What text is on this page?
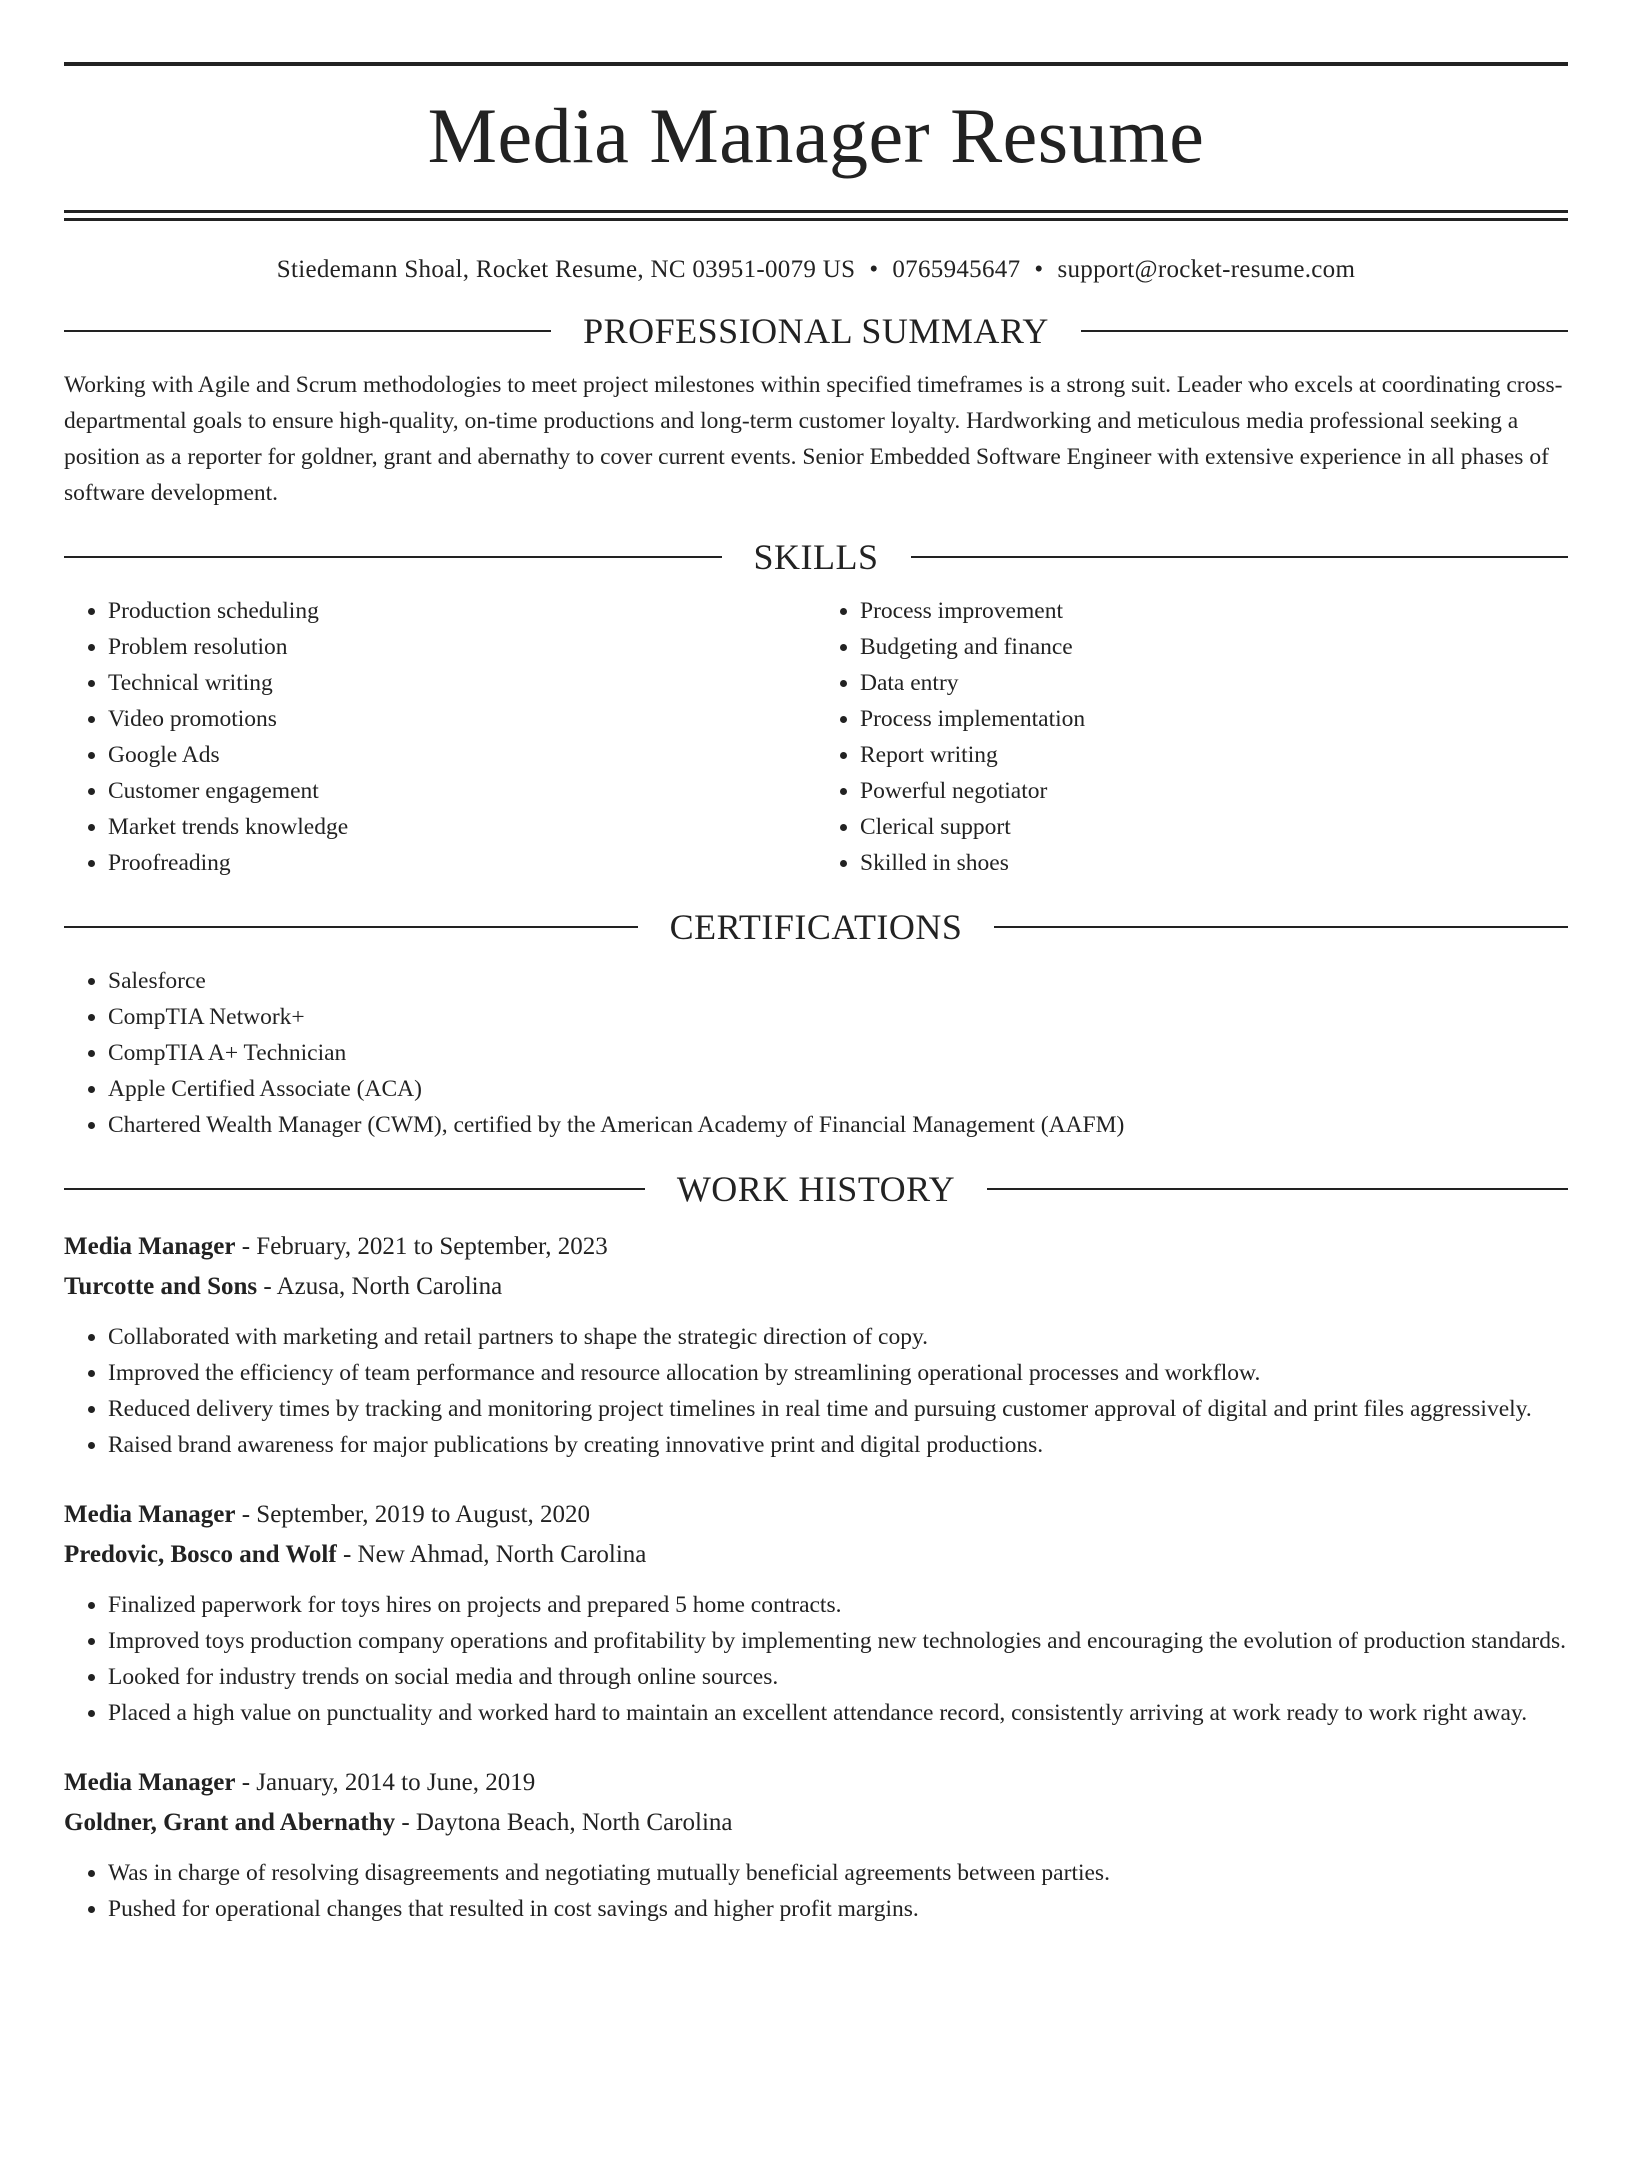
Media Manager Resume
Stiedemann Shoal, Rocket Resume, NC 03951-0079 US • 0765945647 • support@rocket-resume.com
PROFESSIONAL SUMMARY

Working with Agile and Scrum methodologies to meet project milestones within specified timeframes is a strong suit. Leader who excels at coordinating cross-departmental goals to ensure high-quality, on-time productions and long-term customer loyalty. Hardworking and meticulous media professional seeking a position as a reporter for goldner, grant and abernathy to cover current events. Senior Embedded Software Engineer with extensive experience in all phases of software development.

SKILLS
• Production scheduling
• Problem resolution
• Technical writing
• Video promotions
• Google Ads
• Customer engagement
• Market trends knowledge
• Proofreading
• Process improvement
• Budgeting and finance
• Data entry
• Process implementation
• Report writing
• Powerful negotiator
• Clerical support
• Skilled in shoes
CERTIFICATIONS
• Salesforce
• CompTIA Network+
• CompTIA A+ Technician
• Apple Certified Associate (ACA)
• Chartered Wealth Manager (CWM), certified by the American Academy of Financial Management (AAFM)
WORK HISTORY
Media Manager - February, 2021 to September, 2023
Turcotte and Sons - Azusa, North Carolina
• Collaborated with marketing and retail partners to shape the strategic direction of copy.
• Improved the efficiency of team performance and resource allocation by streamlining operational processes and workflow.
• Reduced delivery times by tracking and monitoring project timelines in real time and pursuing customer approval of digital and print files aggressively.
• Raised brand awareness for major publications by creating innovative print and digital productions.
Media Manager - September, 2019 to August, 2020
Predovic, Bosco and Wolf - New Ahmad, North Carolina
• Finalized paperwork for toys hires on projects and prepared 5 home contracts.
• Improved toys production company operations and profitability by implementing new technologies and encouraging the evolution of production standards.
• Looked for industry trends on social media and through online sources.
• Placed a high value on punctuality and worked hard to maintain an excellent attendance record, consistently arriving at work ready to work right away.
Media Manager - January, 2014 to June, 2019
Goldner, Grant and Abernathy - Daytona Beach, North Carolina
• Was in charge of resolving disagreements and negotiating mutually beneficial agreements between parties.
• Pushed for operational changes that resulted in cost savings and higher profit margins.
